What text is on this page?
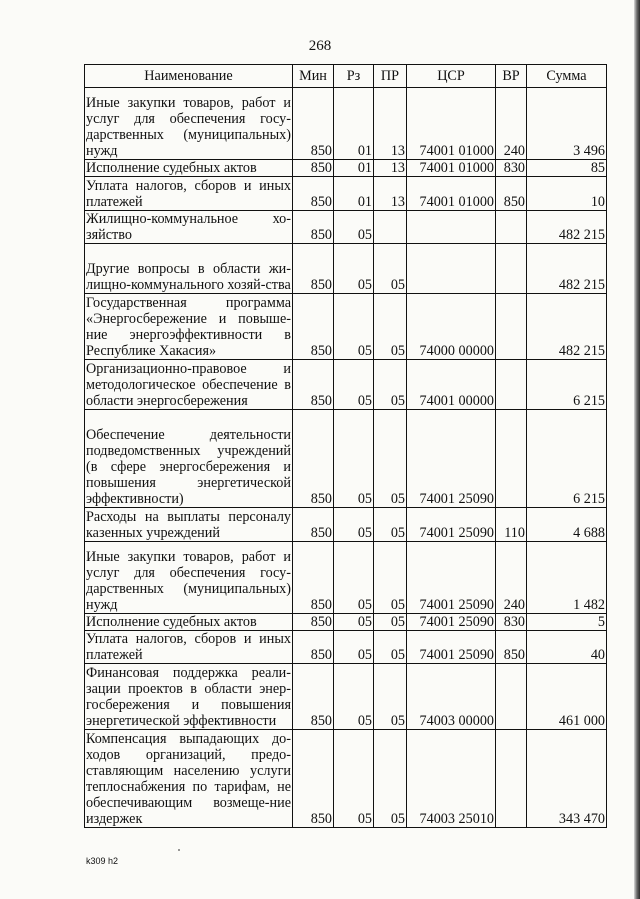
268
Наименование	Мин	Рз	ПР	ЦСР	ВР	Сумма
Иные закупки товаров, работ и услуг для обеспечения госу-дарственных (муниципальных) нужд	850	01	13	74001 01000	240	3 496
Исполнение судебных актов	850	01	13	74001 01000	830	85
Уплата налогов, сборов и иных платежей	850	01	13	74001 01000	850	10
Жилищно-коммунальное хо-зяйство	850	05				482 215
Другие вопросы в области жи-лищно-коммунального хозяй-ства	850	05	05			482 215
Государственная программа «Энергосбережение и повыше-ние энергоэффективности в Республике Хакасия»	850	05	05	74000 00000		482 215
Организационно-правовое и методологическое обеспечение в области энергосбережения	850	05	05	74001 00000		6 215
Обеспечение деятельности подведомственных учреждений (в сфере энергосбережения и повышения энергетической эффективности)	850	05	05	74001 25090		6 215
Расходы на выплаты персоналу казенных учреждений	850	05	05	74001 25090	110	4 688
Иные закупки товаров, работ и услуг для обеспечения госу-дарственных (муниципальных) нужд	850	05	05	74001 25090	240	1 482
Исполнение судебных актов	850	05	05	74001 25090	830	5
Уплата налогов, сборов и иных платежей	850	05	05	74001 25090	850	40
Финансовая поддержка реали-зации проектов в области энер-госбережения и повышения энергетической эффективности	850	05	05	74003 00000		461 000
Компенсация выпадающих до-ходов организаций, предо-ставляющим населению услуги теплоснабжения по тарифам, не обеспечивающим возмеще-ние издержек	850	05	05	74003 25010		343 470
k309 h2
